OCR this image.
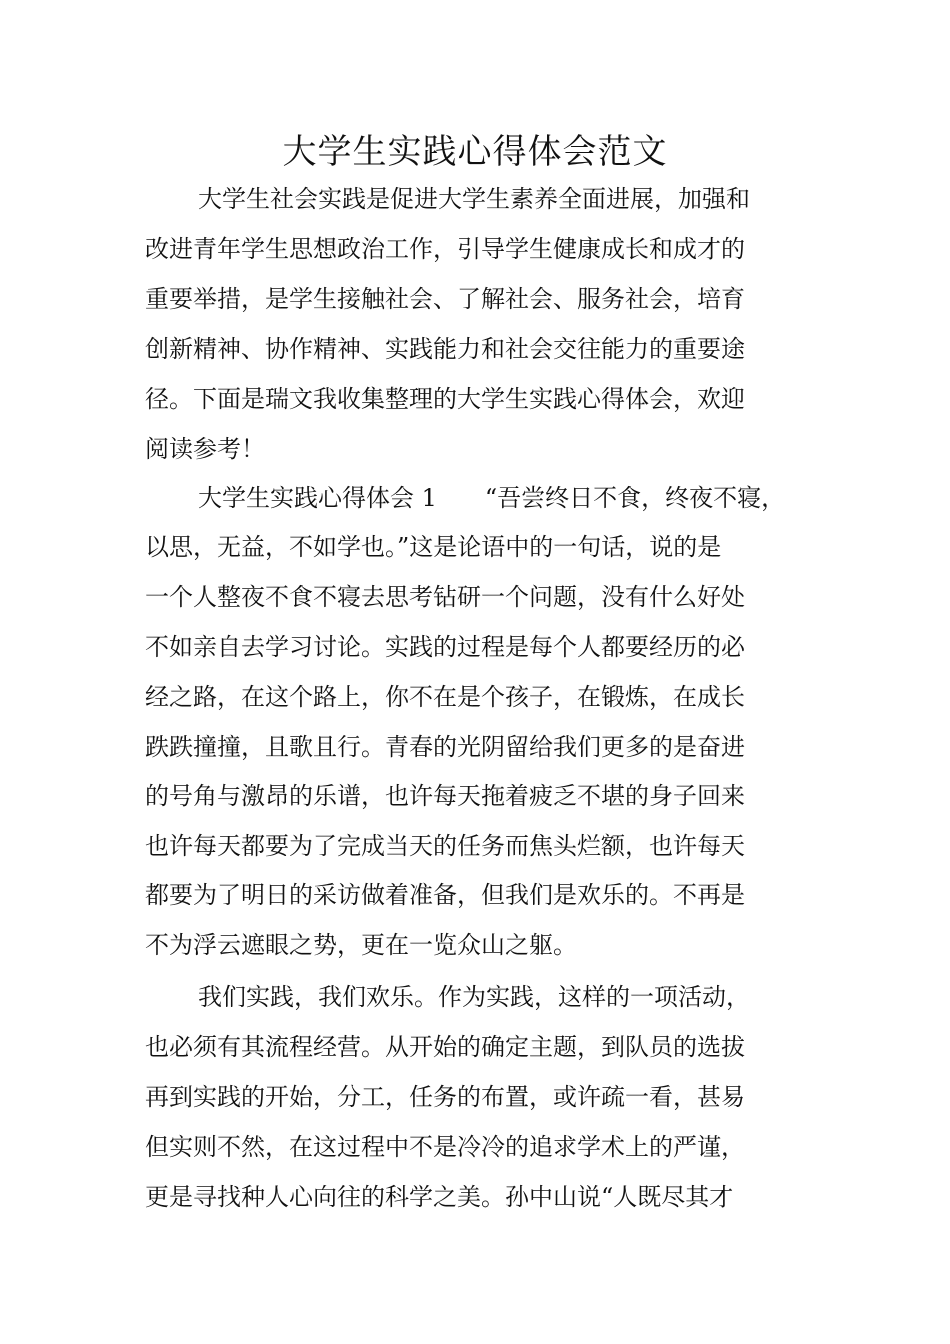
大学生实践心得体会范文
大学生社会实践是促进大学生素养全面进展，加强和
改进青年学生思想政治工作，引导学生健康成长和成才的
重要举措，是学生接触社会、了解社会、服务社会，培育
创新精神、协作精神、实践能力和社会交往能力的重要途
径。下面是瑞文我收集整理的大学生实践心得体会，欢迎
阅读参考！
大学生实践心得体会 1　　“吾尝终日不食，终夜不寝，
以思，无益，不如学也。”这是论语中的一句话，说的是
一个人整夜不食不寝去思考钻研一个问题，没有什么好处
不如亲自去学习讨论。实践的过程是每个人都要经历的必
经之路，在这个路上，你不在是个孩子，在锻炼，在成长
跌跌撞撞，且歌且行。青春的光阴留给我们更多的是奋进
的号角与激昂的乐谱，也许每天拖着疲乏不堪的身子回来
也许每天都要为了完成当天的任务而焦头烂额，也许每天
都要为了明日的采访做着准备，但我们是欢乐的。不再是
不为浮云遮眼之势，更在一览众山之躯。
我们实践，我们欢乐。作为实践，这样的一项活动，
也必须有其流程经营。从开始的确定主题，到队员的选拔
再到实践的开始，分工，任务的布置，或许疏一看，甚易
但实则不然，在这过程中不是冷冷的追求学术上的严谨，
更是寻找种人心向往的科学之美。孙中山说“人既尽其才
